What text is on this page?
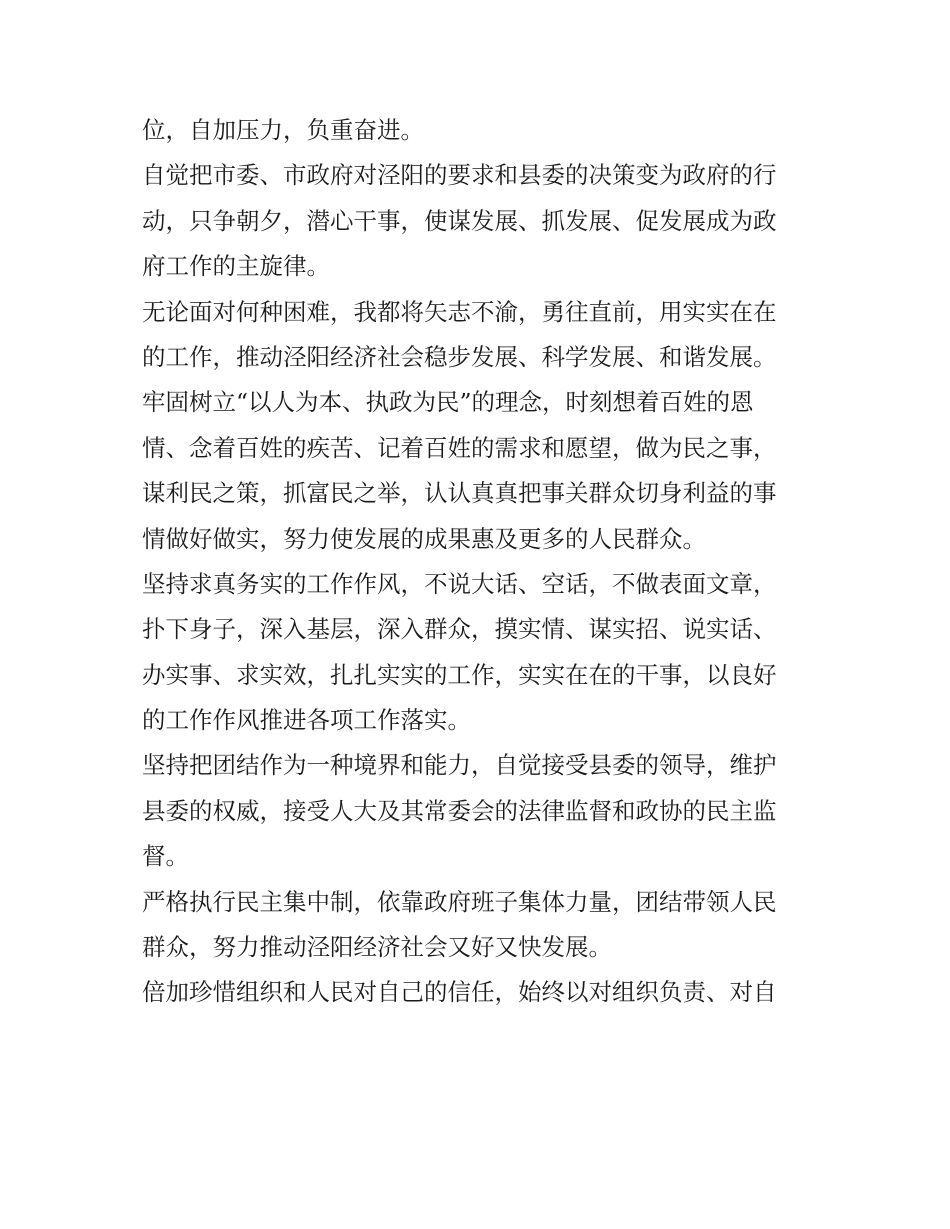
位，自加压力，负重奋进。
自觉把市委、市政府对泾阳的要求和县委的决策变为政府的行
动，只争朝夕，潜心干事，使谋发展、抓发展、促发展成为政
府工作的主旋律。
无论面对何种困难，我都将矢志不渝，勇往直前，用实实在在
的工作，推动泾阳经济社会稳步发展、科学发展、和谐发展。
牢固树立“以人为本、执政为民”的理念，时刻想着百姓的恩
情、念着百姓的疾苦、记着百姓的需求和愿望，做为民之事，
谋利民之策，抓富民之举，认认真真把事关群众切身利益的事
情做好做实，努力使发展的成果惠及更多的人民群众。
坚持求真务实的工作作风，不说大话、空话，不做表面文章，
扑下身子，深入基层，深入群众，摸实情、谋实招、说实话、
办实事、求实效，扎扎实实的工作，实实在在的干事，以良好
的工作作风推进各项工作落实。
坚持把团结作为一种境界和能力，自觉接受县委的领导，维护
县委的权威，接受人大及其常委会的法律监督和政协的民主监
督。
严格执行民主集中制，依靠政府班子集体力量，团结带领人民
群众，努力推动泾阳经济社会又好又快发展。
倍加珍惜组织和人民对自己的信任，始终以对组织负责、对自
